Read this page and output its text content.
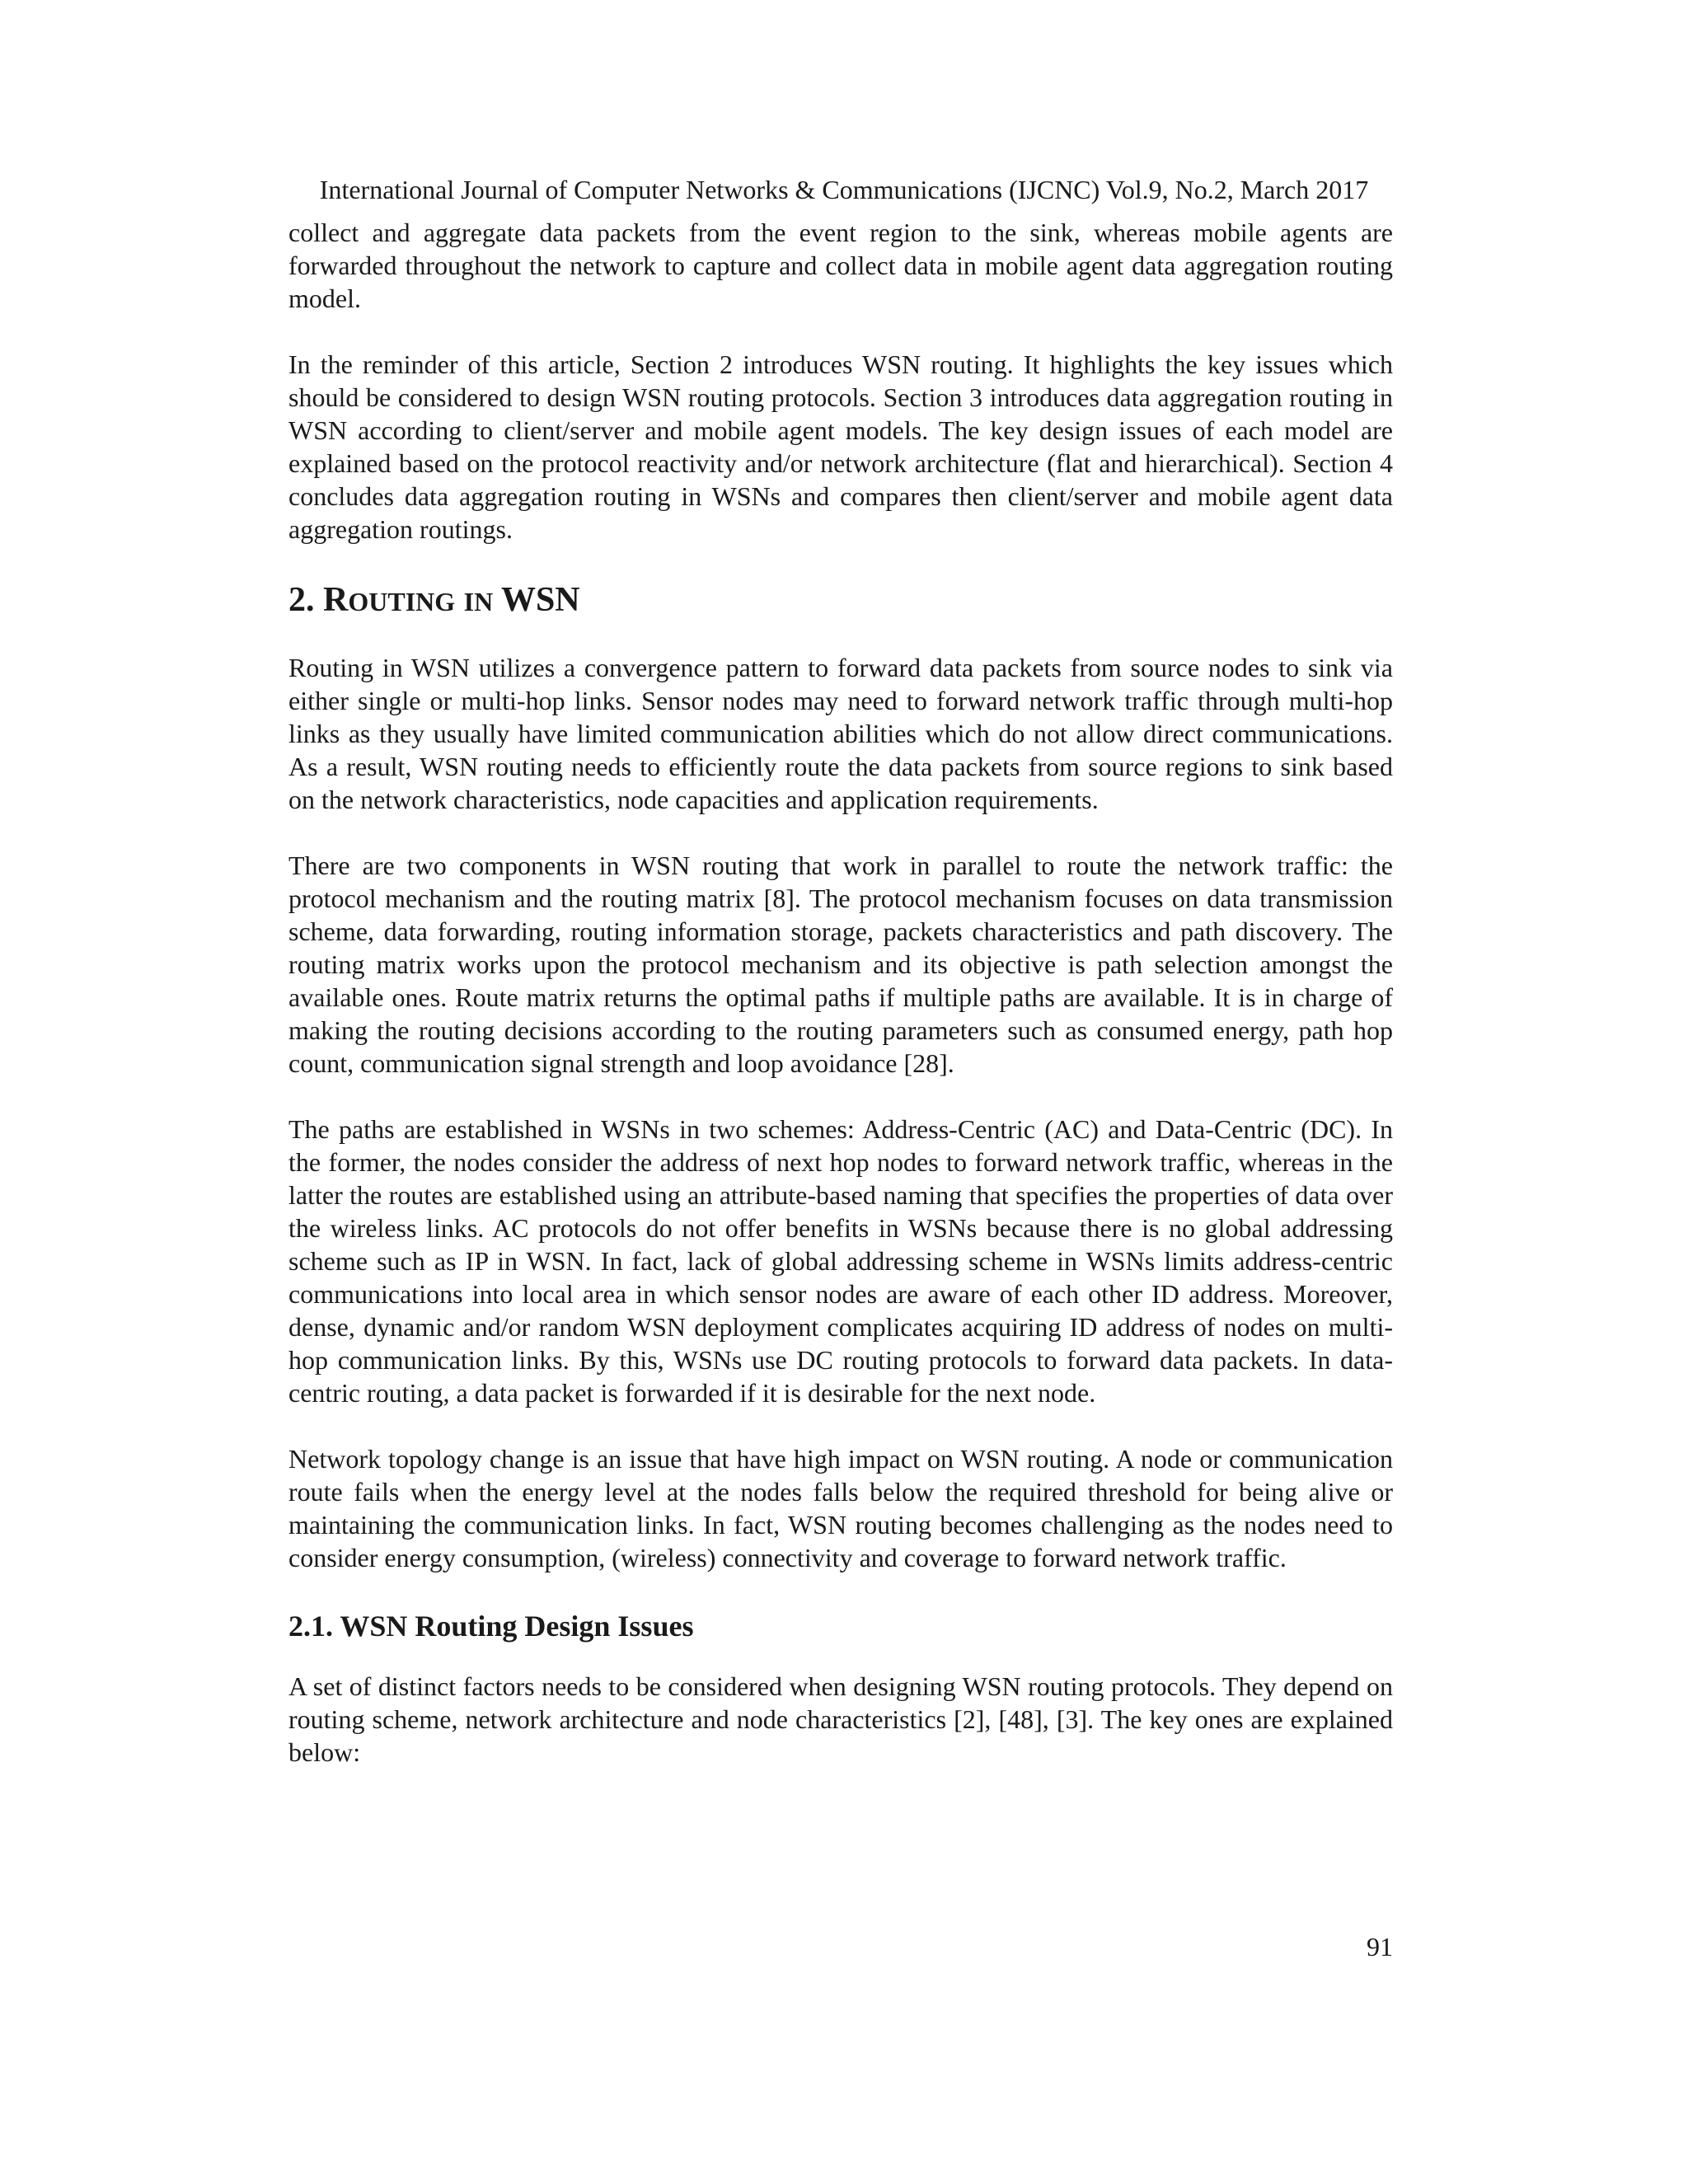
International Journal of Computer Networks & Communications (IJCNC) Vol.9, No.2, March 2017

collect and aggregate data packets from the event region to the sink, whereas mobile agents are forwarded throughout the network to capture and collect data in mobile agent data aggregation routing model.

In the reminder of this article, Section 2 introduces WSN routing. It highlights the key issues which should be considered to design WSN routing protocols. Section 3 introduces data aggregation routing in WSN according to client/server and mobile agent models. The key design issues of each model are explained based on the protocol reactivity and/or network architecture (flat and hierarchical). Section 4 concludes data aggregation routing in WSNs and compares then client/server and mobile agent data aggregation routings.

2. ROUTING IN WSN

Routing in WSN utilizes a convergence pattern to forward data packets from source nodes to sink via either single or multi-hop links. Sensor nodes may need to forward network traffic through multi-hop links as they usually have limited communication abilities which do not allow direct communications. As a result, WSN routing needs to efficiently route the data packets from source regions to sink based on the network characteristics, node capacities and application requirements.

There are two components in WSN routing that work in parallel to route the network traffic: the protocol mechanism and the routing matrix [8]. The protocol mechanism focuses on data transmission scheme, data forwarding, routing information storage, packets characteristics and path discovery. The routing matrix works upon the protocol mechanism and its objective is path selection amongst the available ones. Route matrix returns the optimal paths if multiple paths are available. It is in charge of making the routing decisions according to the routing parameters such as consumed energy, path hop count, communication signal strength and loop avoidance [28].

The paths are established in WSNs in two schemes: Address-Centric (AC) and Data-Centric (DC). In the former, the nodes consider the address of next hop nodes to forward network traffic, whereas in the latter the routes are established using an attribute-based naming that specifies the properties of data over the wireless links. AC protocols do not offer benefits in WSNs because there is no global addressing scheme such as IP in WSN. In fact, lack of global addressing scheme in WSNs limits address-centric communications into local area in which sensor nodes are aware of each other ID address. Moreover, dense, dynamic and/or random WSN deployment complicates acquiring ID address of nodes on multi-hop communication links. By this, WSNs use DC routing protocols to forward data packets. In data-centric routing, a data packet is forwarded if it is desirable for the next node.

Network topology change is an issue that have high impact on WSN routing. A node or communication route fails when the energy level at the nodes falls below the required threshold for being alive or maintaining the communication links. In fact, WSN routing becomes challenging as the nodes need to consider energy consumption, (wireless) connectivity and coverage to forward network traffic.

2.1. WSN Routing Design Issues

A set of distinct factors needs to be considered when designing WSN routing protocols. They depend on routing scheme, network architecture and node characteristics [2], [48], [3]. The key ones are explained below:

91
